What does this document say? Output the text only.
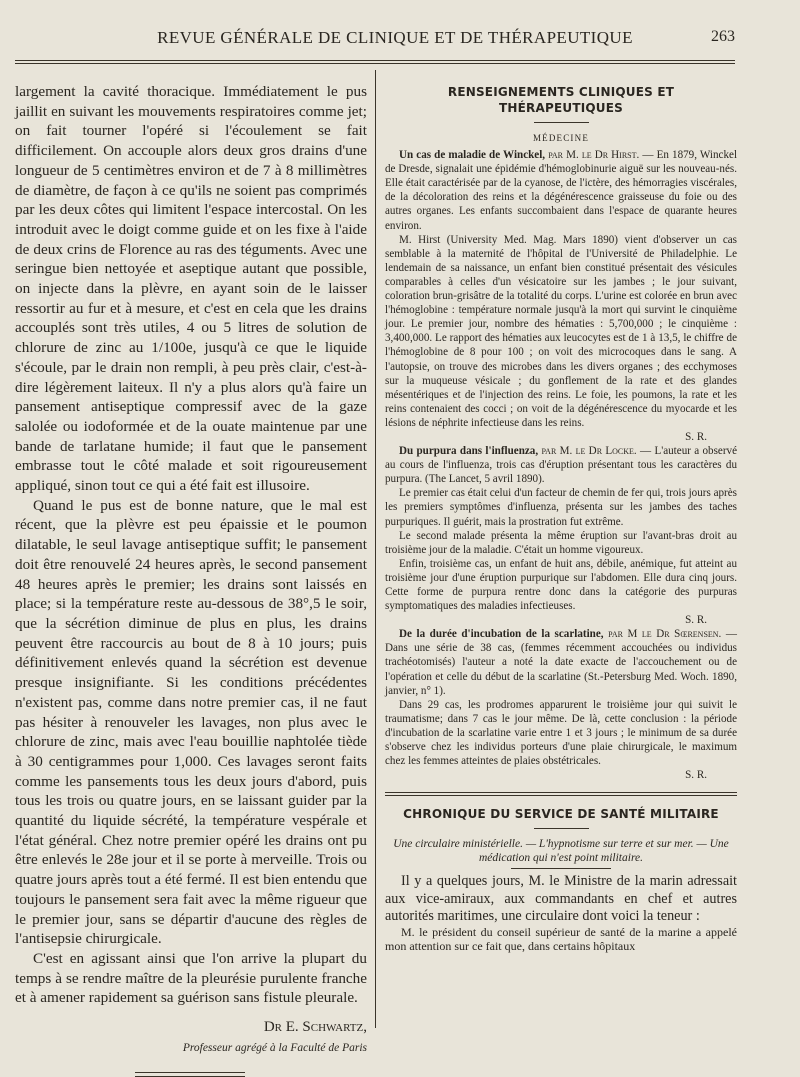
REVUE GÉNÉRALE DE CLINIQUE ET DE THÉRAPEUTIQUE	263

largement la cavité thoracique. Immédiatement le pus jaillit en suivant les mouvements respiratoires comme jet; on fait tourner l'opéré si l'écoulement se fait difficilement. On accouple alors deux gros drains d'une longueur de 5 centimètres environ et de 7 à 8 millimètres de diamètre, de façon à ce qu'ils ne soient pas comprimés par les deux côtes qui limitent l'espace intercostal. On les introduit avec le doigt comme guide et on les fixe à l'aide de deux crins de Florence au ras des téguments. Avec une seringue bien nettoyée et aseptique autant que possible, on injecte dans la plèvre, en ayant soin de le laisser ressortir au fur et à mesure, et c'est en cela que les drains accouplés sont très utiles, 4 ou 5 litres de solution de chlorure de zinc au 1/100e, jusqu'à ce que le liquide s'écoule, par le drain non rempli, à peu près clair, c'est-à-dire légèrement laiteux. Il n'y a plus alors qu'à faire un pansement antiseptique compressif avec de la gaze salolée ou iodoformée et de la ouate maintenue par une bande de tarlatane humide; il faut que le pansement embrasse tout le côté malade et soit rigoureusement appliqué, sinon tout ce qui a été fait est illusoire.

Quand le pus est de bonne nature, que le mal est récent, que la plèvre est peu épaissie et le poumon dilatable, le seul lavage antiseptique suffit; le pansement doit être renouvelé 24 heures après, le second pansement 48 heures après le premier; les drains sont laissés en place; si la température reste au-dessous de 38°,5 le soir, que la sécrétion diminue de plus en plus, les drains peuvent être raccourcis au bout de 8 à 10 jours; puis définitivement enlevés quand la sécrétion est devenue presque insignifiante. Si les conditions précédentes n'existent pas, comme dans notre premier cas, il ne faut pas hésiter à renouveler les lavages, non plus avec le chlorure de zinc, mais avec l'eau bouillie naphtolée tiède à 30 centigrammes pour 1,000. Ces lavages seront faits comme les pansements tous les deux jours d'abord, puis tous les trois ou quatre jours, en se laissant guider par la quantité du liquide sécrété, la température vespérale et l'état général. Chez notre premier opéré les drains ont pu être enlevés le 28e jour et il se porte à merveille. Trois ou quatre jours après tout a été fermé. Il est bien entendu que toujours le pansement sera fait avec la même rigueur que le premier jour, sans se départir d'aucune des règles de l'antisepsie chirurgicale.

C'est en agissant ainsi que l'on arrive la plupart du temps à se rendre maître de la pleurésie purulente franche et à amener rapidement sa guérison sans fistule pleurale.

Dr E. Schwartz,
Professeur agrégé à la Faculté de Paris
RENSEIGNEMENTS CLINIQUES ET THÉRAPEUTIQUES
MÉDECINE

Un cas de maladie de Winckel, par M. le Dr Hirst. — En 1879, Winckel de Dresde, signalait une épidémie d'hémoglobinurie aiguë sur les nouveau-nés. Elle était caractérisée par de la cyanose, de l'ictère, des hémorragies viscérales, de la décoloration des reins et la dégénérescence graisseuse du foie ou des autres organes. Les enfants succombaient dans l'espace de quarante heures environ.

M. Hirst (University Med. Mag. Mars 1890) vient d'observer un cas semblable à la maternité de l'hôpital de l'Université de Philadelphie. Le lendemain de sa naissance, un enfant bien constitué présentait des vésicules comparables à celles d'un vésicatoire sur les jambes ; le jour suivant, coloration brun-grisâtre de la totalité du corps. L'urine est colorée en brun avec l'hémoglobine : température normale jusqu'à la mort qui survint le cinquième jour. Le premier jour, nombre des hématies : 5,700,000 ; le cinquième : 3,400,000. Le rapport des hématies aux leucocytes est de 1 à 13,5, le chiffre de l'hémoglobine de 8 pour 100 ; on voit des microcoques dans le sang. A l'autopsie, on trouve des microbes dans les divers organes ; des ecchymoses sur la muqueuse vésicale ; du gonflement de la rate et des glandes mésentériques et de l'injection des reins. Le foie, les poumons, la rate et les reins contenaient des cocci ; on voit de la dégénérescence du myocarde et les lésions de néphrite infectieuse dans les reins.

S. R.

Du purpura dans l'influenza, par M. le Dr Locke. — L'auteur a observé au cours de l'influenza, trois cas d'éruption présentant tous les caractères du purpura. (The Lancet, 5 avril 1890).

Le premier cas était celui d'un facteur de chemin de fer qui, trois jours après les premiers symptômes d'influenza, présenta sur les jambes des taches purpuriques. Il guérit, mais la prostration fut extrême.

Le second malade présenta la même éruption sur l'avant-bras droit au troisième jour de la maladie. C'était un homme vigoureux.

Enfin, troisième cas, un enfant de huit ans, débile, anémique, fut atteint au troisième jour d'une éruption purpurique sur l'abdomen. Elle dura cinq jours. Cette forme de purpura rentre donc dans la catégorie des purpuras symptomatiques des maladies infectieuses.

S. R.

De la durée d'incubation de la scarlatine, par M le Dr Sœrensen. — Dans une série de 38 cas, (femmes récemment accouchées ou individus trachéotomisés) l'auteur a noté la date exacte de l'accouchement ou de l'opération et celle du début de la scarlatine (St.-Petersburg Med. Woch. 1890, janvier, n° 1).

Dans 29 cas, les prodromes apparurent le troisième jour qui suivit le traumatisme; dans 7 cas le jour même. De là, cette conclusion : la période d'incubation de la scarlatine varie entre 1 et 3 jours ; le minimum de sa durée s'observe chez les individus porteurs d'une plaie chirurgicale, le maximum chez les femmes atteintes de plaies obstétricales.

S. R.

CHRONIQUE DU SERVICE DE SANTÉ MILITAIRE
Une circulaire ministérielle. — L'hypnotisme sur terre et sur mer. — Une médication qui n'est point militaire.

Il y a quelques jours, M. le Ministre de la marin adressait aux vice-amiraux, aux commandants en chef et autres autorités maritimes, une circulaire dont voici la teneur :

M. le président du conseil supérieur de santé de la marine a appelé mon attention sur ce fait que, dans certains hôpitaux
